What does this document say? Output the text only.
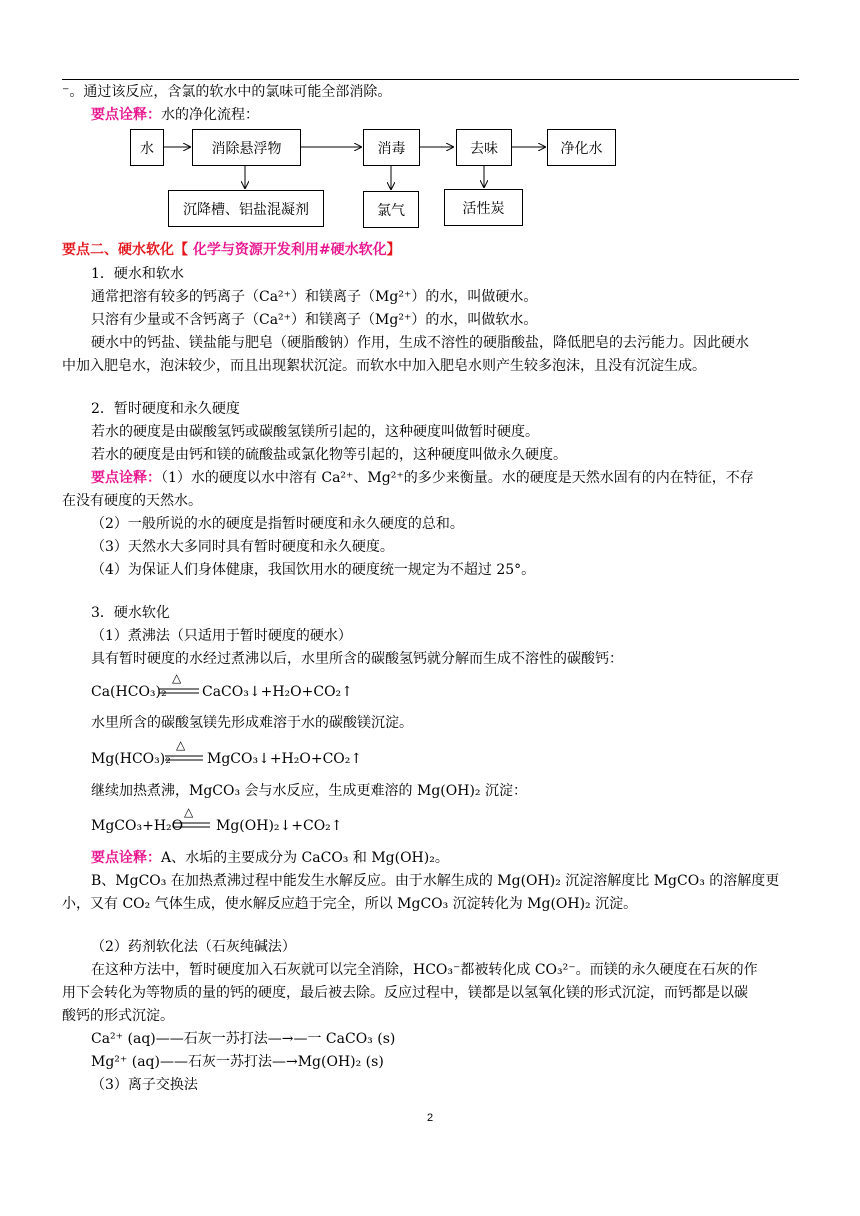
⁻。通过该反应，含氯的软水中的氯味可能全部消除。
要点诠释：水的净化流程：
水	消除悬浮物	消毒	去味	净化水
沉降槽、铝盐混凝剂	氯气	活性炭
要点二、硬水软化【 化学与资源开发利用#硬水软化】
1．硬水和软水
通常把溶有较多的钙离子（Ca²⁺）和镁离子（Mg²⁺）的水，叫做硬水。
只溶有少量或不含钙离子（Ca²⁺）和镁离子（Mg²⁺）的水，叫做软水。
硬水中的钙盐、镁盐能与肥皂（硬脂酸钠）作用，生成不溶性的硬脂酸盐，降低肥皂的去污能力。因此硬水
中加入肥皂水，泡沫较少，而且出现絮状沉淀。而软水中加入肥皂水则产生较多泡沫，且没有沉淀生成。
2．暂时硬度和永久硬度
若水的硬度是由碳酸氢钙或碳酸氢镁所引起的，这种硬度叫做暂时硬度。
若水的硬度是由钙和镁的硫酸盐或氯化物等引起的，这种硬度叫做永久硬度。
要点诠释：（1）水的硬度以水中溶有 Ca²⁺、Mg²⁺的多少来衡量。水的硬度是天然水固有的内在特征，不存
在没有硬度的天然水。
（2）一般所说的水的硬度是指暂时硬度和永久硬度的总和。
（3）天然水大多同时具有暂时硬度和永久硬度。
（4）为保证人们身体健康，我国饮用水的硬度统一规定为不超过 25°。
3．硬水软化
（1）煮沸法（只适用于暂时硬度的硬水）
具有暂时硬度的水经过煮沸以后，水里所含的碳酸氢钙就分解而生成不溶性的碳酸钙：
Ca(HCO₃)₂
△
CaCO₃↓+H₂O+CO₂↑
水里所含的碳酸氢镁先形成难溶于水的碳酸镁沉淀。
Mg(HCO₃)₂
△
MgCO₃↓+H₂O+CO₂↑
继续加热煮沸，MgCO₃ 会与水反应，生成更难溶的 Mg(OH)₂ 沉淀：
MgCO₃+H₂O
△
Mg(OH)₂↓+CO₂↑
要点诠释：A、水垢的主要成分为 CaCO₃ 和 Mg(OH)₂。
B、MgCO₃ 在加热煮沸过程中能发生水解反应。由于水解生成的 Mg(OH)₂ 沉淀溶解度比 MgCO₃ 的溶解度更
小，又有 CO₂ 气体生成，使水解反应趋于完全，所以 MgCO₃ 沉淀转化为 Mg(OH)₂ 沉淀。
（2）药剂软化法（石灰纯碱法）
在这种方法中，暂时硬度加入石灰就可以完全消除，HCO₃⁻都被转化成 CO₃²⁻。而镁的永久硬度在石灰的作
用下会转化为等物质的量的钙的硬度，最后被去除。反应过程中，镁都是以氢氧化镁的形式沉淀，而钙都是以碳
酸钙的形式沉淀。
Ca²⁺ (aq)——石灰一苏打法—→—一 CaCO₃ (s)
Mg²⁺ (aq)——石灰一苏打法—→Mg(OH)₂ (s)
（3）离子交换法
2
